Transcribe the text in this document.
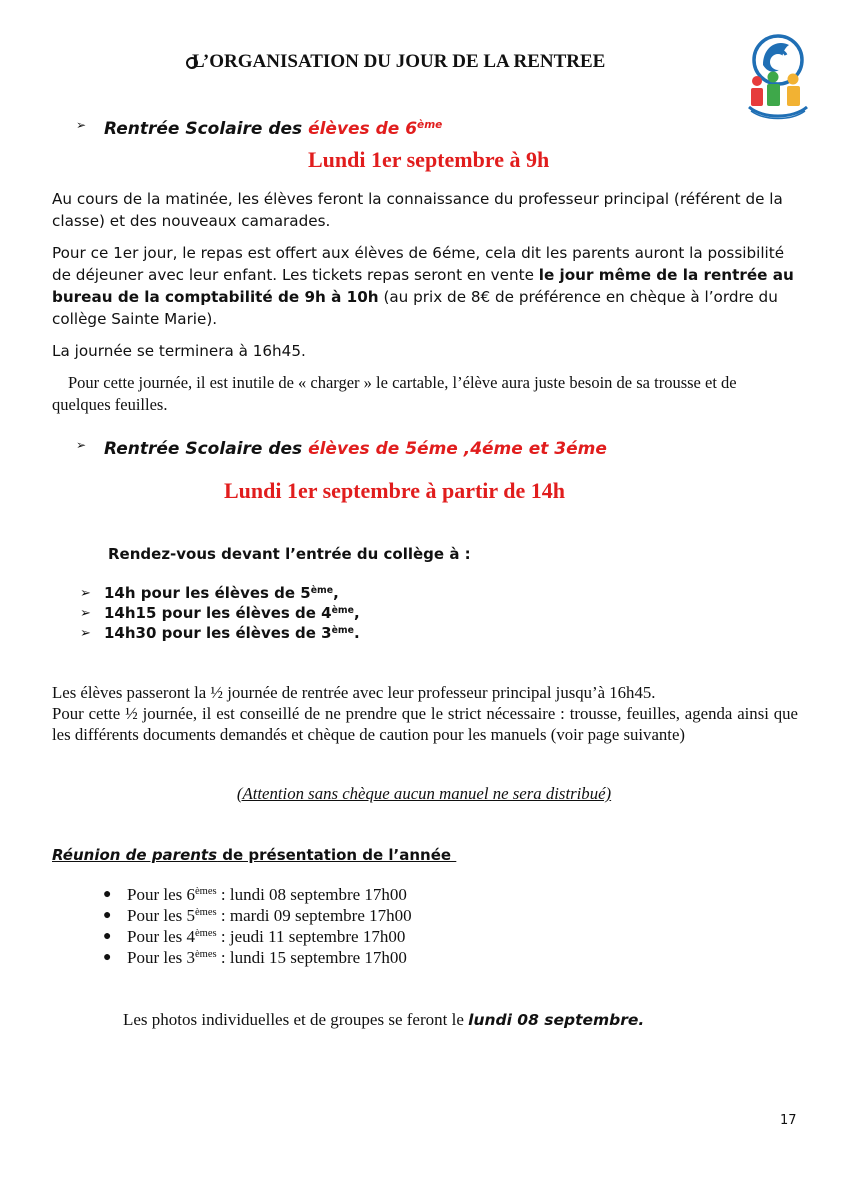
L’ORGANISATION DU JOUR DE LA RENTREE
➢ Rentrée Scolaire des élèves de 6ème
Lundi 1er septembre à 9h

Au cours de la matinée, les élèves feront la connaissance du professeur principal (référent de la classe) et des nouveaux camarades.

Pour ce 1er jour, le repas est offert aux élèves de 6éme, cela dit les parents auront la possibilité de déjeuner avec leur enfant. Les tickets repas seront en vente le jour même de la rentrée au bureau de la comptabilité de 9h à 10h (au prix de 8€ de préférence en chèque à l’ordre du collège Sainte Marie).

La journée se terminera à 16h45.

Pour cette journée, il est inutile de « charger » le cartable, l’élève aura juste besoin de sa trousse et de quelques feuilles.

➢ Rentrée Scolaire des élèves de 5éme ,4éme et 3éme
Lundi 1er septembre à partir de 14h
Rendez-vous devant l’entrée du collège à :
➢ 14h pour les élèves de 5ème,
➢ 14h15 pour les élèves de 4ème,
➢ 14h30 pour les élèves de 3ème.

Les élèves passeront la ½ journée de rentrée avec leur professeur principal jusqu’à 16h45.

Pour cette ½ journée, il est conseillé de ne prendre que le strict nécessaire : trousse, feuilles, agenda ainsi que les différents documents demandés et chèque de caution pour les manuels (voir page suivante)

(Attention sans chèque aucun manuel ne sera distribué)
Réunion de parents de présentation de l’année
● Pour les 6èmes : lundi 08 septembre 17h00
● Pour les 5èmes : mardi 09 septembre 17h00
● Pour les 4èmes : jeudi 11 septembre 17h00
● Pour les 3èmes : lundi 15 septembre 17h00
Les photos individuelles et de groupes se feront le lundi 08 septembre.
17
